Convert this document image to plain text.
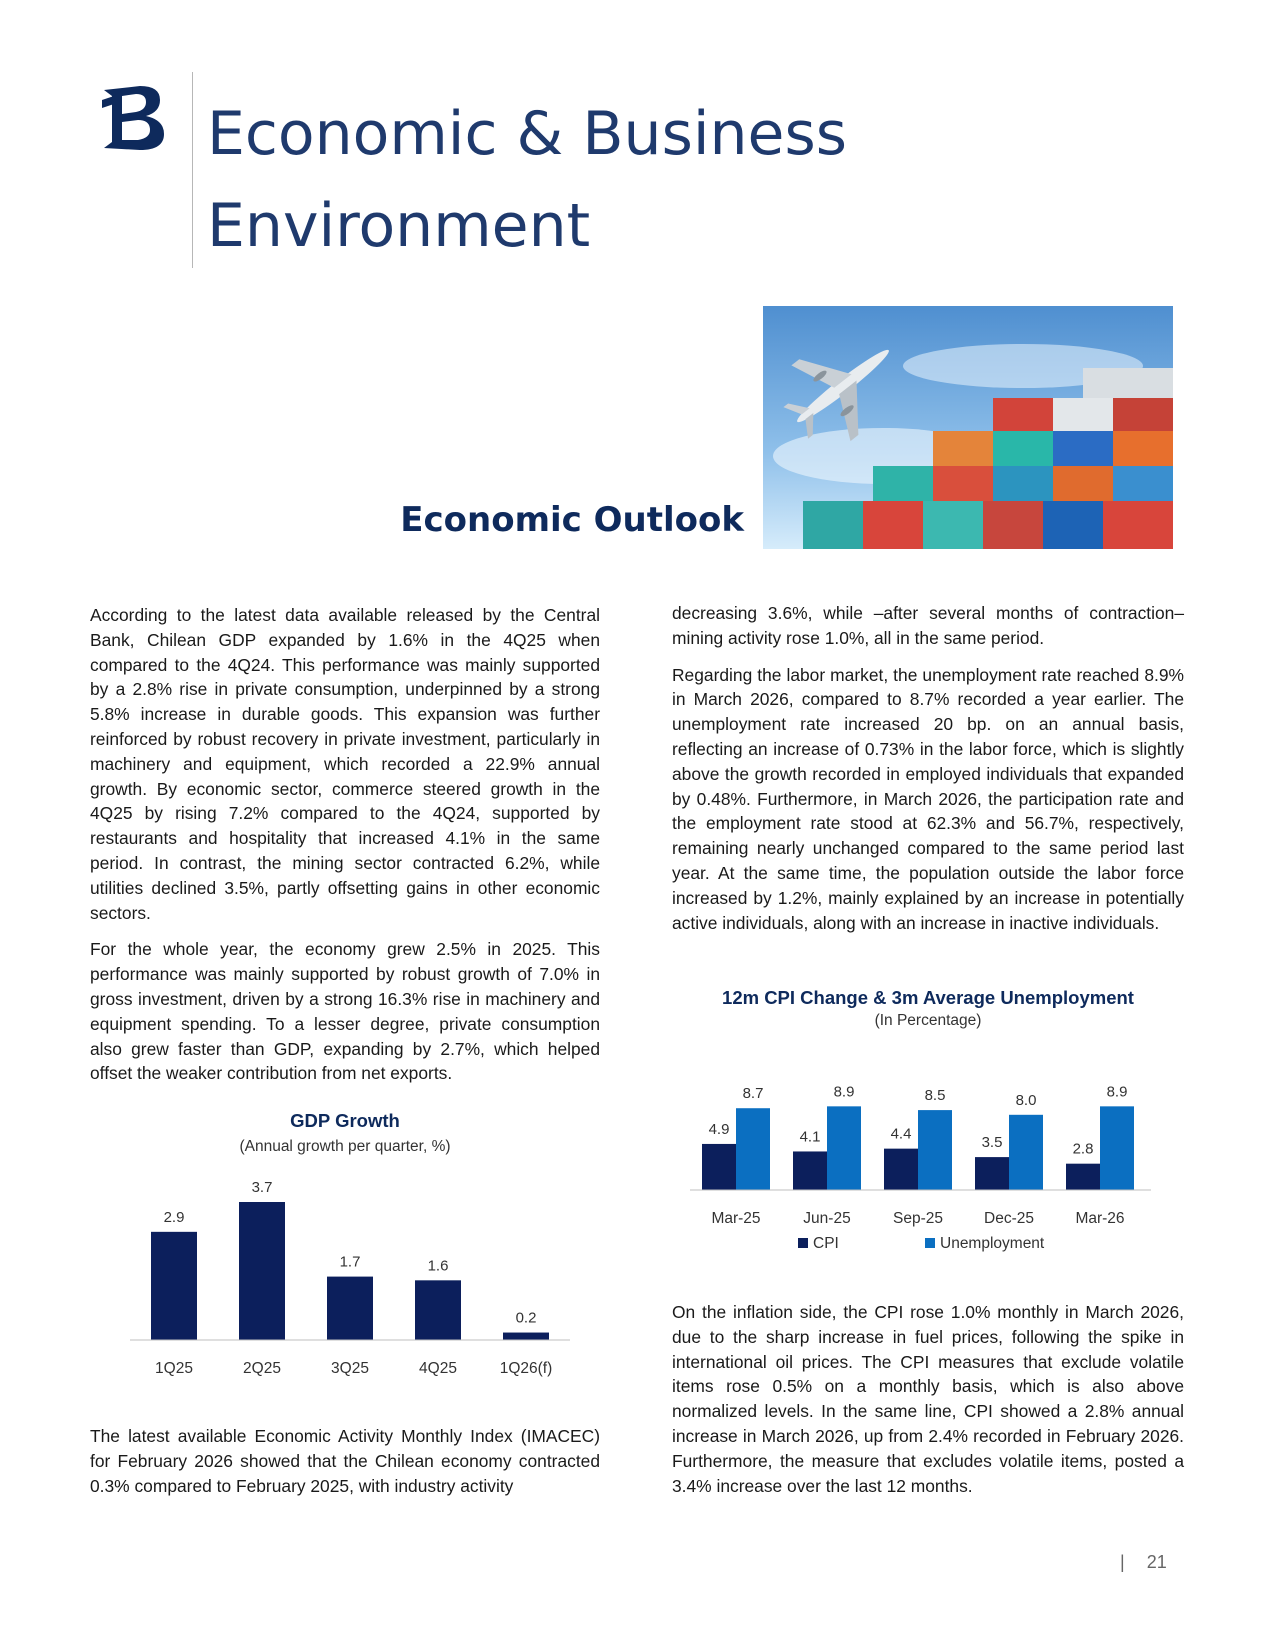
Economic & Business
Environment
Economic Outlook

According to the latest data available released by the Central Bank, Chilean GDP expanded by 1.6% in the 4Q25 when compared to the 4Q24. This performance was mainly supported by a 2.8% rise in private consumption, underpinned by a strong 5.8% increase in durable goods. This expansion was further reinforced by robust recovery in private investment, particularly in machinery and equipment, which recorded a 22.9% annual growth. By economic sector, commerce steered growth in the 4Q25 by rising 7.2% compared to the 4Q24, supported by restaurants and hospitality that increased 4.1% in the same period. In contrast, the mining sector contracted 6.2%, while utilities declined 3.5%, partly offsetting gains in other economic sectors.

For the whole year, the economy grew 2.5% in 2025. This performance was mainly supported by robust growth of 7.0% in gross investment, driven by a strong 16.3% rise in machinery and equipment spending. To a lesser degree, private consumption also grew faster than GDP, expanding by 2.7%, which helped offset the weaker contribution from net exports.

GDP Growth
(Annual growth per quarter, %)
2.9
1Q25
3.7
2Q25
1.7
3Q25
1.6
4Q25
0.2
1Q26(f)

The latest available Economic Activity Monthly Index (IMACEC) for February 2026 showed that the Chilean economy contracted 0.3% compared to February 2025, with industry activity

decreasing 3.6%, while –after several months of contraction– mining activity rose 1.0%, all in the same period.

Regarding the labor market, the unemployment rate reached 8.9% in March 2026, compared to 8.7% recorded a year earlier. The unemployment rate increased 20 bp. on an annual basis, reflecting an increase of 0.73% in the labor force, which is slightly above the growth recorded in employed individuals that expanded by 0.48%. Furthermore, in March 2026, the participation rate and the employment rate stood at 62.3% and 56.7%, respectively, remaining nearly unchanged compared to the same period last year. At the same time, the population outside the labor force increased by 1.2%, mainly explained by an increase in potentially active individuals, along with an increase in inactive individuals.

12m CPI Change & 3m Average Unemployment
(In Percentage)
4.9
8.7
Mar-25
4.1
8.9
Jun-25
4.4
8.5
Sep-25
3.5
8.0
Dec-25
2.8
8.9
Mar-26
CPI	Unemployment

On the inflation side, the CPI rose 1.0% monthly in March 2026, due to the sharp increase in fuel prices, following the spike in international oil prices. The CPI measures that exclude volatile items rose 0.5% on a monthly basis, which is also above normalized levels. In the same line, CPI showed a 2.8% annual increase in March 2026, up from 2.4% recorded in February 2026. Furthermore, the measure that excludes volatile items, posted a 3.4% increase over the last 12 months.

| 21
